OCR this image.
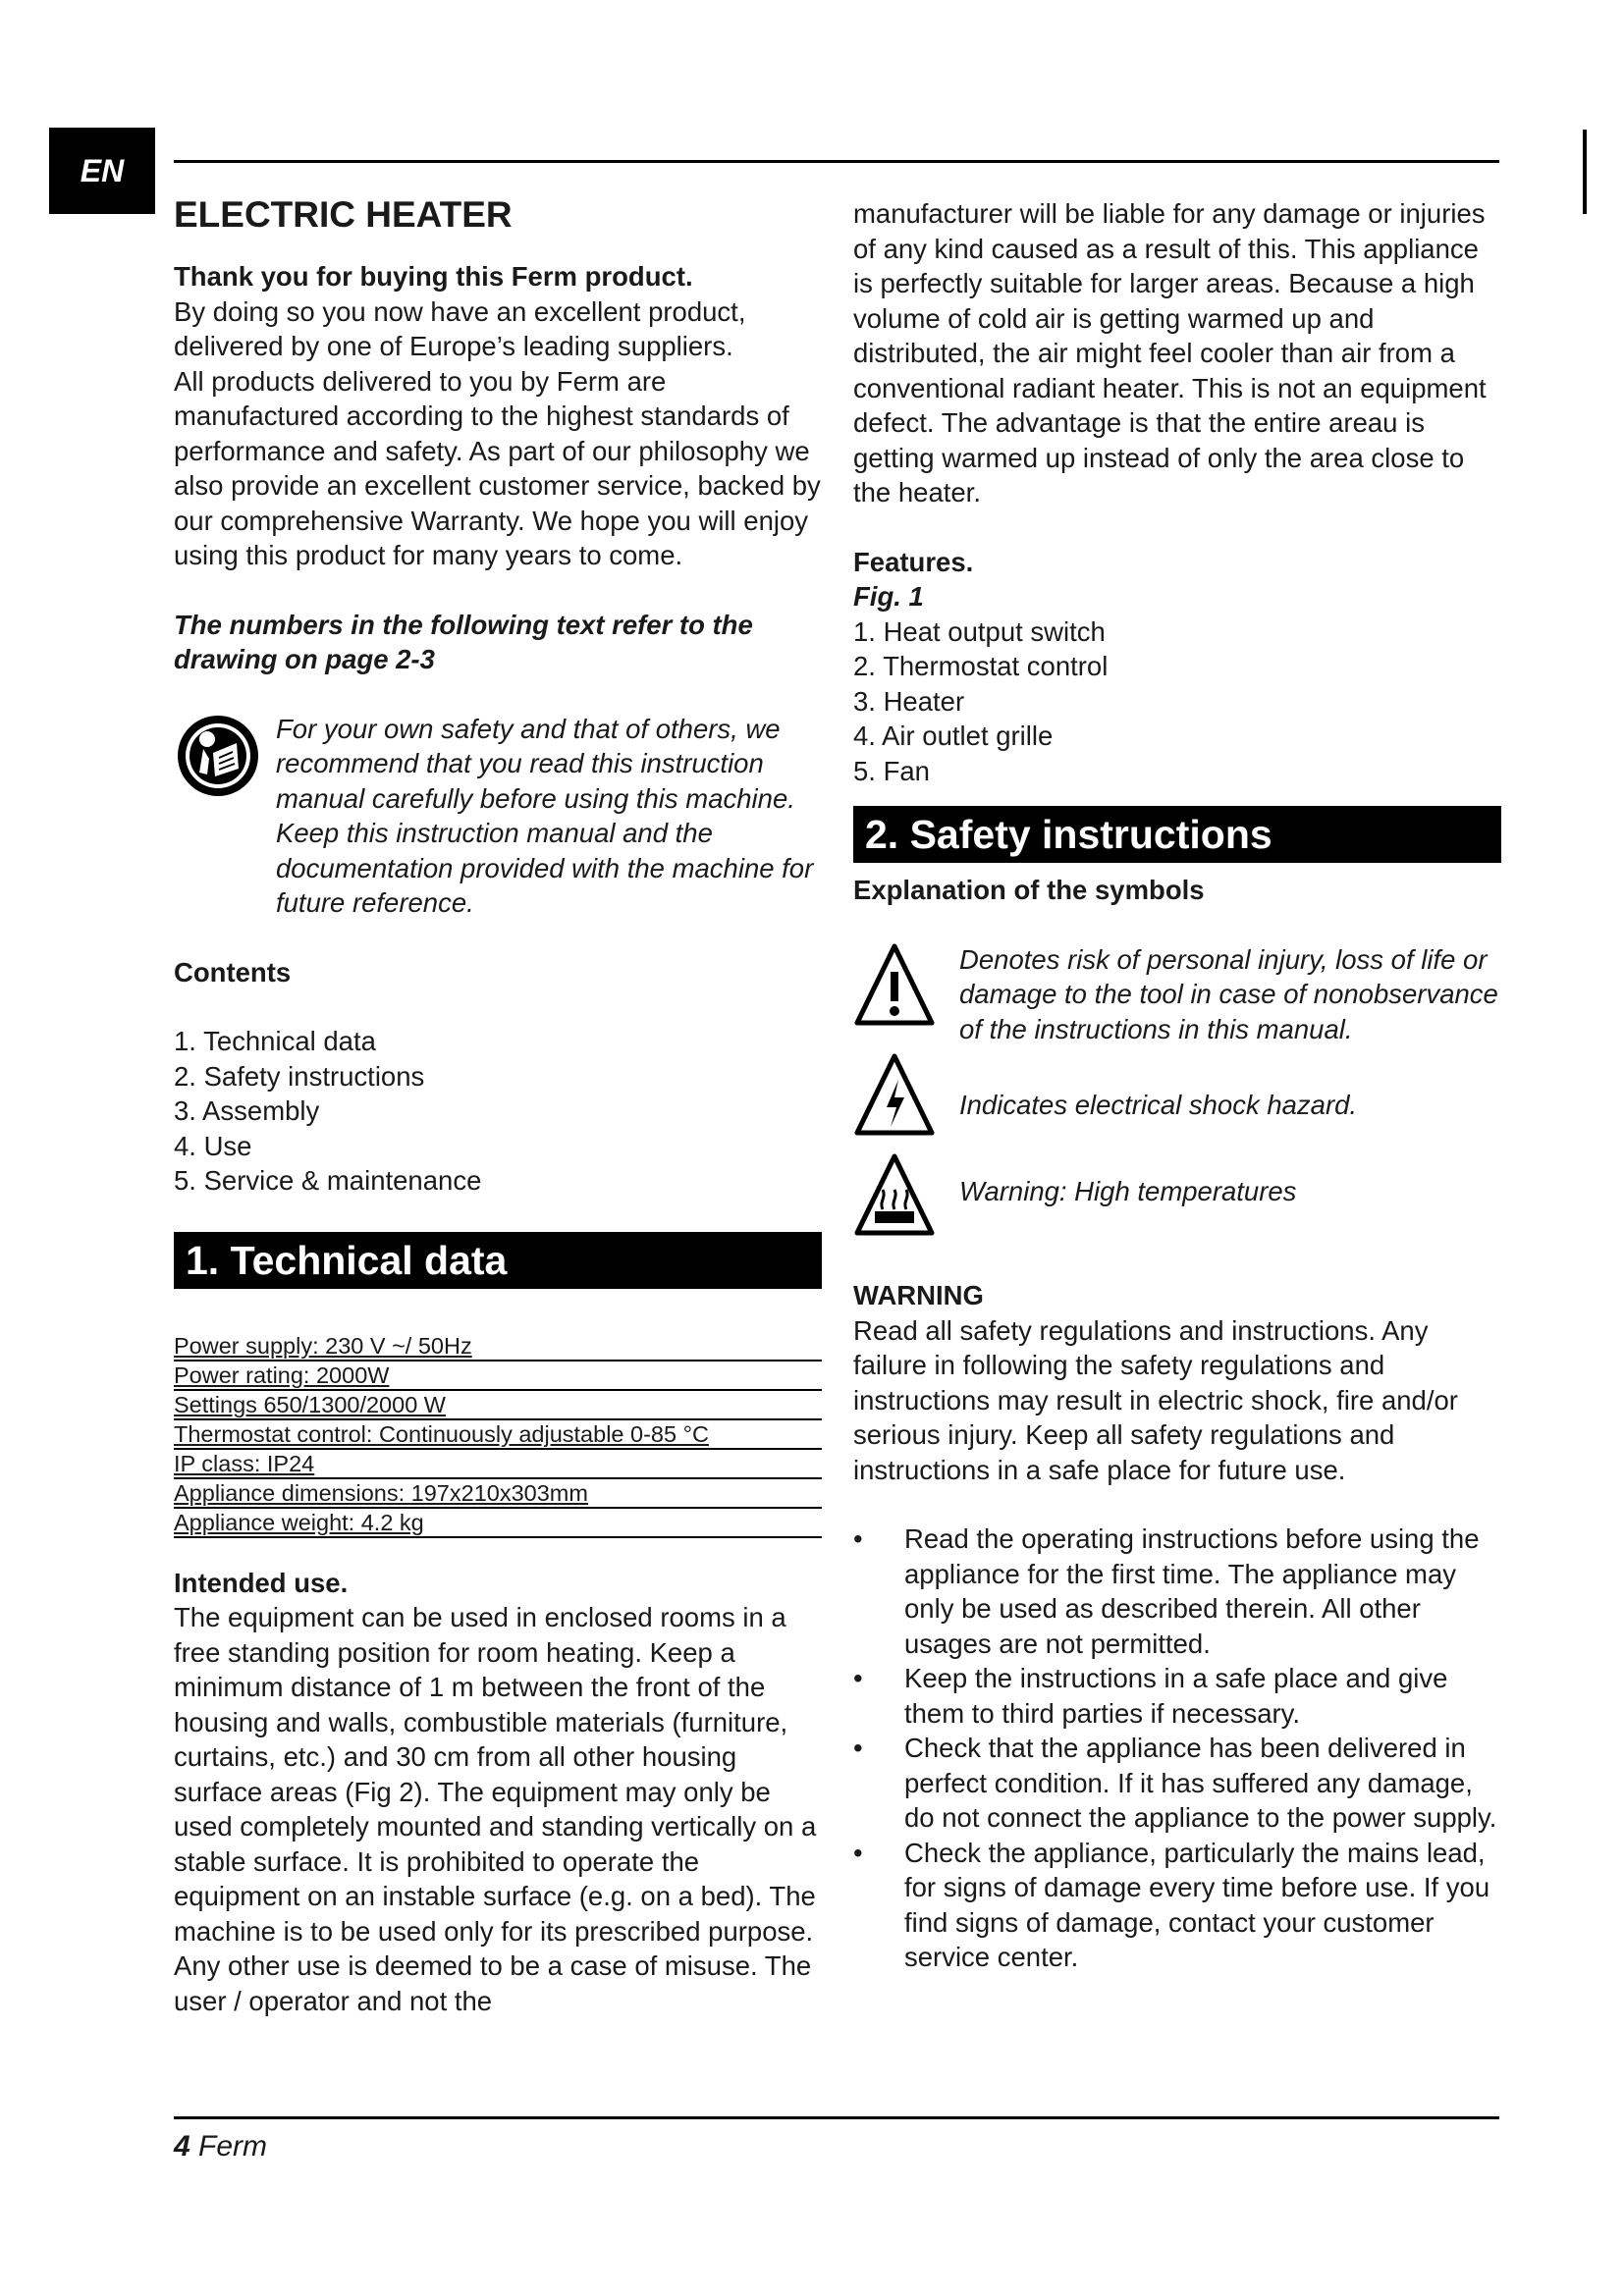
EN

ELECTRIC HEATER

Thank you for buying this Ferm product.

By doing so you now have an excellent product, delivered by one of Europe’s leading suppliers.

All products delivered to you by Ferm are manufactured according to the highest standards of performance and safety. As part of our philosophy we also provide an excellent customer service, backed by our comprehensive Warranty. We hope you will enjoy using this product for many years to come.

The numbers in the following text refer to the drawing on page 2-3

For your own safety and that of others, we recommend that you read this instruction manual carefully before using this machine. Keep this instruction manual and the documentation provided with the machine for future reference.

Contents

1. Technical data
2. Safety instructions
3. Assembly
4. Use
5. Service & maintenance
1. Technical data
Power supply: 230 V ~/ 50Hz
Power rating: 2000W
Settings 650/1300/2000 W
Thermostat control: Continuously adjustable 0-85 °C
IP class: IP24
Appliance dimensions: 197x210x303mm
Appliance weight: 4.2 kg

Intended use.

The equipment can be used in enclosed rooms in a free standing position for room heating. Keep a minimum distance of 1 m between the front of the housing and walls, combustible materials (furniture, curtains, etc.) and 30 cm from all other housing surface areas (Fig 2). The equipment may only be used completely mounted and standing vertically on a stable surface. It is prohibited to operate the equipment on an instable surface (e.g. on a bed). The machine is to be used only for its prescribed purpose. Any other use is deemed to be a case of misuse. The user / operator and not the

manufacturer will be liable for any damage or injuries of any kind caused as a result of this. This appliance is perfectly suitable for larger areas. Because a high volume of cold air is getting warmed up and distributed, the air might feel cooler than air from a conventional radiant heater. This is not an equipment defect. The advantage is that the entire areau is getting warmed up instead of only the area close to the heater.

Features.

Fig. 1

1. Heat output switch
2. Thermostat control
3. Heater
4. Air outlet grille
5. Fan
2. Safety instructions

Explanation of the symbols

Denotes risk of personal injury, loss of life or damage to the tool in case of nonobservance of the instructions in this manual.

Indicates electrical shock hazard.

Warning: High temperatures

WARNING

Read all safety regulations and instructions. Any failure in following the safety regulations and instructions may result in electric shock, fire and/or serious injury. Keep all safety regulations and instructions in a safe place for future use.

• Read the operating instructions before using the appliance for the first time. The appliance may only be used as described therein. All other usages are not permitted.
• Keep the instructions in a safe place and give them to third parties if necessary.
• Check that the appliance has been delivered in perfect condition. If it has suffered any damage, do not connect the appliance to the power supply.
• Check the appliance, particularly the mains lead, for signs of damage every time before use. If you find signs of damage, contact your customer service center.
4 Ferm
